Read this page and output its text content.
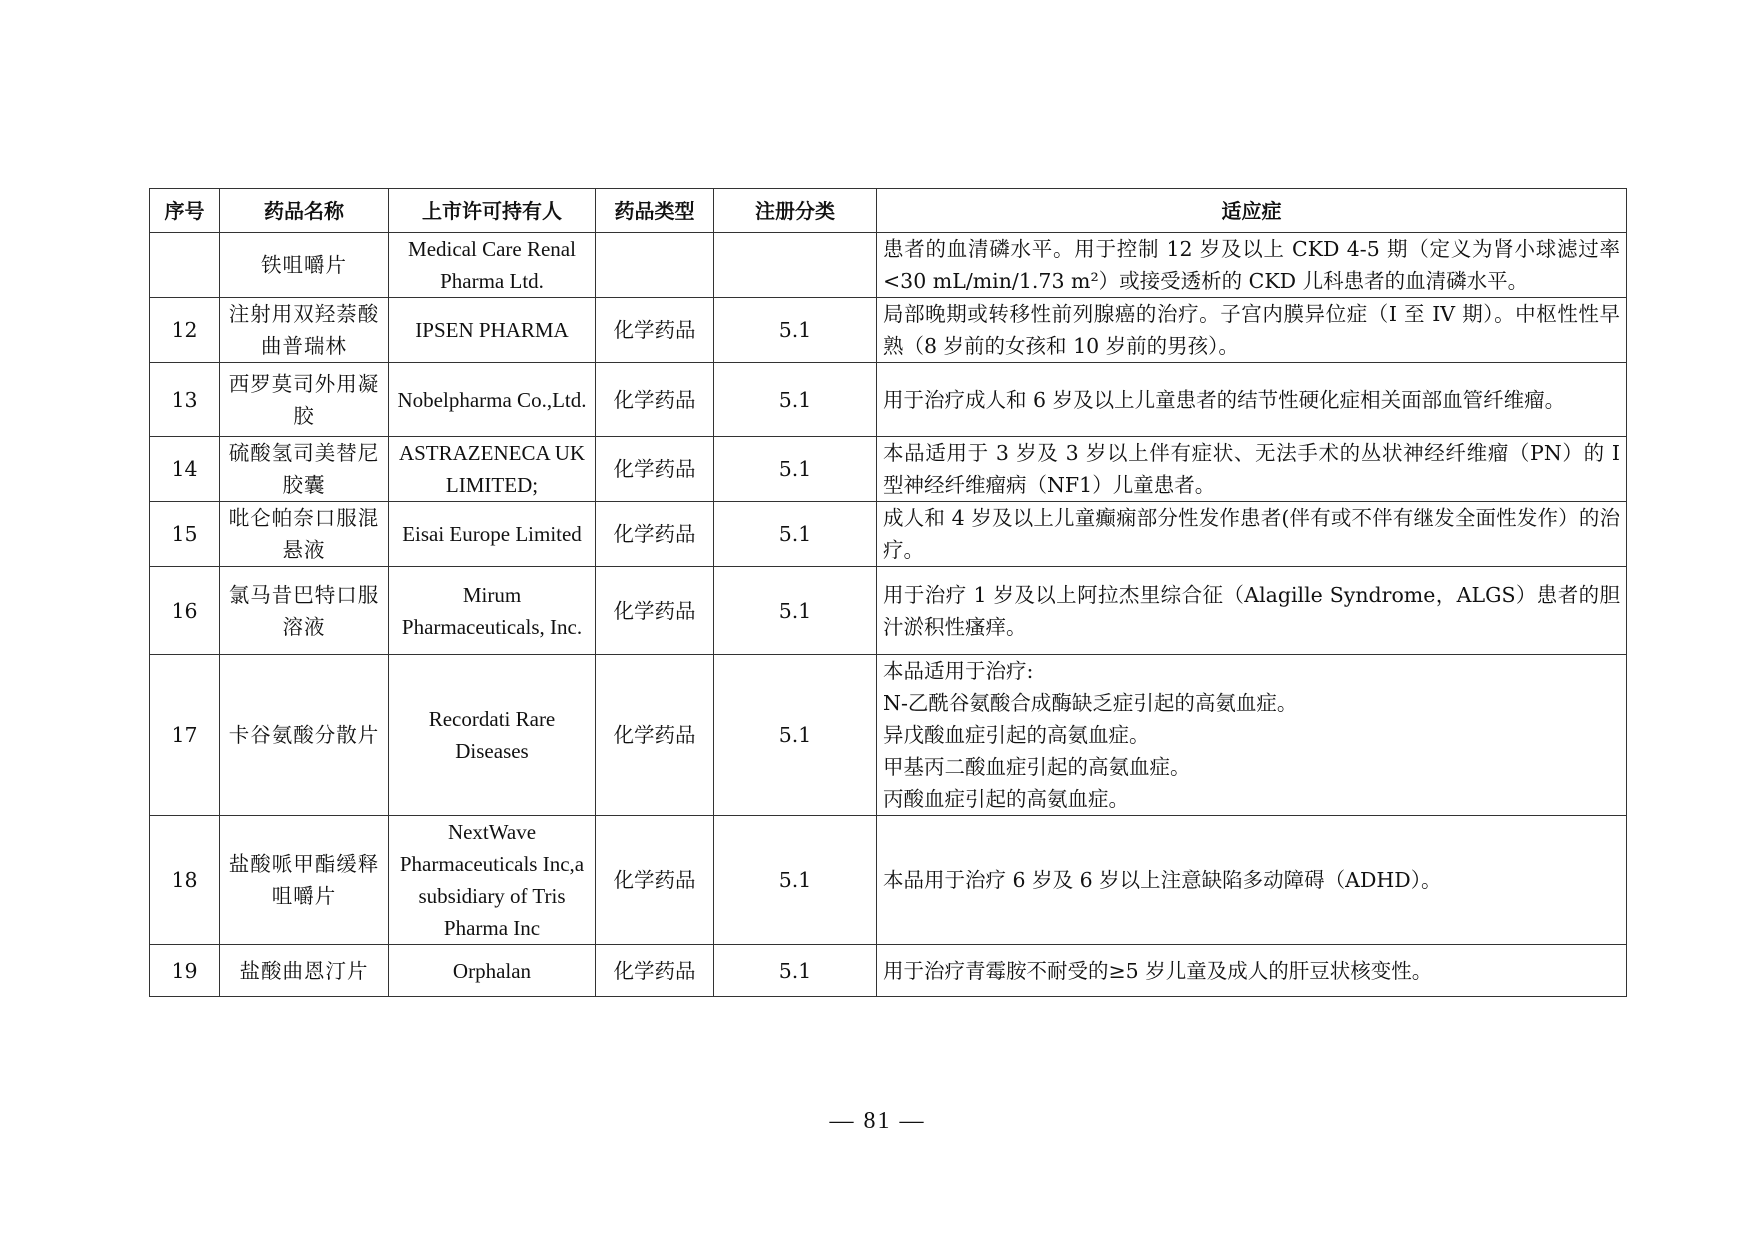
序号	药品名称	上市许可持有人	药品类型	注册分类	适应症
	铁咀嚼片	Medical Care Renal Pharma Ltd.			患者的血清磷水平。用于控制 12 岁及以上 CKD 4-5 期（定义为肾小球滤过率<30 mL/min/1.73 m²）或接受透析的 CKD 儿科患者的血清磷水平。

12	注射用双羟萘酸曲普瑞林	IPSEN PHARMA	化学药品	5.1	局部晚期或转移性前列腺癌的治疗。子宫内膜异位症（I 至 IV 期）。中枢性性早熟（8 岁前的女孩和 10 岁前的男孩）。

13	西罗莫司外用凝胶	Nobelpharma Co.,Ltd.	化学药品	5.1	用于治疗成人和 6 岁及以上儿童患者的结节性硬化症相关面部血管纤维瘤。

14	硫酸氢司美替尼胶囊	ASTRAZENECA UK LIMITED;	化学药品	5.1	本品适用于 3 岁及 3 岁以上伴有症状、无法手术的丛状神经纤维瘤（PN）的 I 型神经纤维瘤病（NF1）儿童患者。

15	吡仑帕奈口服混悬液	Eisai Europe Limited	化学药品	5.1	成人和 4 岁及以上儿童癫痫部分性发作患者(伴有或不伴有继发全面性发作）的治疗。

16	氯马昔巴特口服溶液	Mirum Pharmaceuticals, Inc.	化学药品	5.1	用于治疗 1 岁及以上阿拉杰里综合征（Alagille Syndrome，ALGS）患者的胆汁淤积性瘙痒。

17	卡谷氨酸分散片	Recordati Rare Diseases	化学药品	5.1	本品适用于治疗:
N-乙酰谷氨酸合成酶缺乏症引起的高氨血症。
异戊酸血症引起的高氨血症。
甲基丙二酸血症引起的高氨血症。
丙酸血症引起的高氨血症。

18	盐酸哌甲酯缓释咀嚼片	NextWave Pharmaceuticals Inc,a subsidiary of Tris Pharma Inc	化学药品	5.1	本品用于治疗 6 岁及 6 岁以上注意缺陷多动障碍（ADHD）。

19	盐酸曲恩汀片	Orphalan	化学药品	5.1	用于治疗青霉胺不耐受的≥5 岁儿童及成人的肝豆状核变性。
— 81 —
